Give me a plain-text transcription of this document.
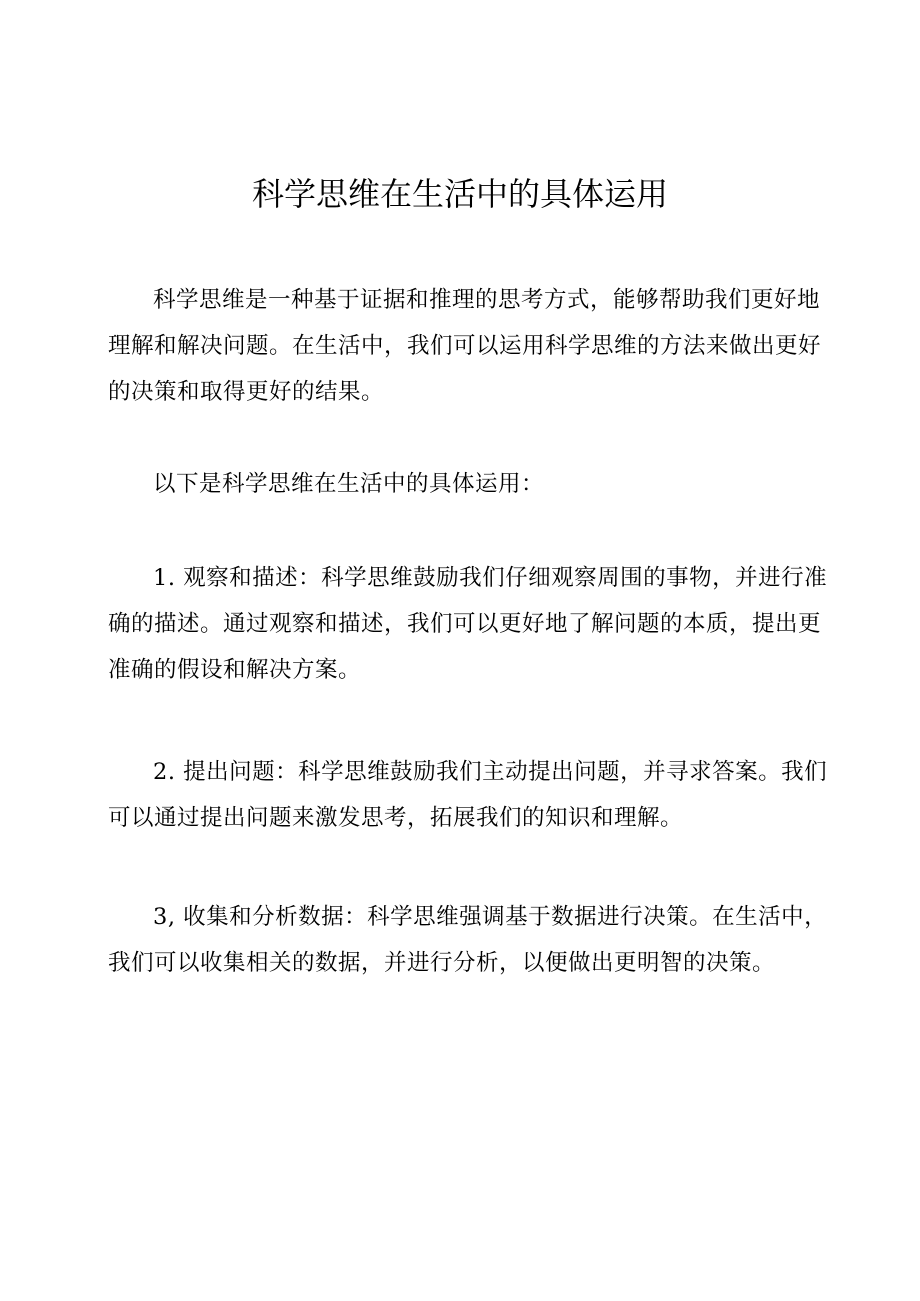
科学思维在生活中的具体运用

科学思维是一种基于证据和推理的思考方式，能够帮助我们更好地理解和解决问题。在生活中，我们可以运用科学思维的方法来做出更好的决策和取得更好的结果。

以下是科学思维在生活中的具体运用：

1. 观察和描述：科学思维鼓励我们仔细观察周围的事物，并进行准确的描述。通过观察和描述，我们可以更好地了解问题的本质，提出更准确的假设和解决方案。

2. 提出问题：科学思维鼓励我们主动提出问题，并寻求答案。我们可以通过提出问题来激发思考，拓展我们的知识和理解。

3, 收集和分析数据：科学思维强调基于数据进行决策。在生活中，我们可以收集相关的数据，并进行分析，以便做出更明智的决策。
